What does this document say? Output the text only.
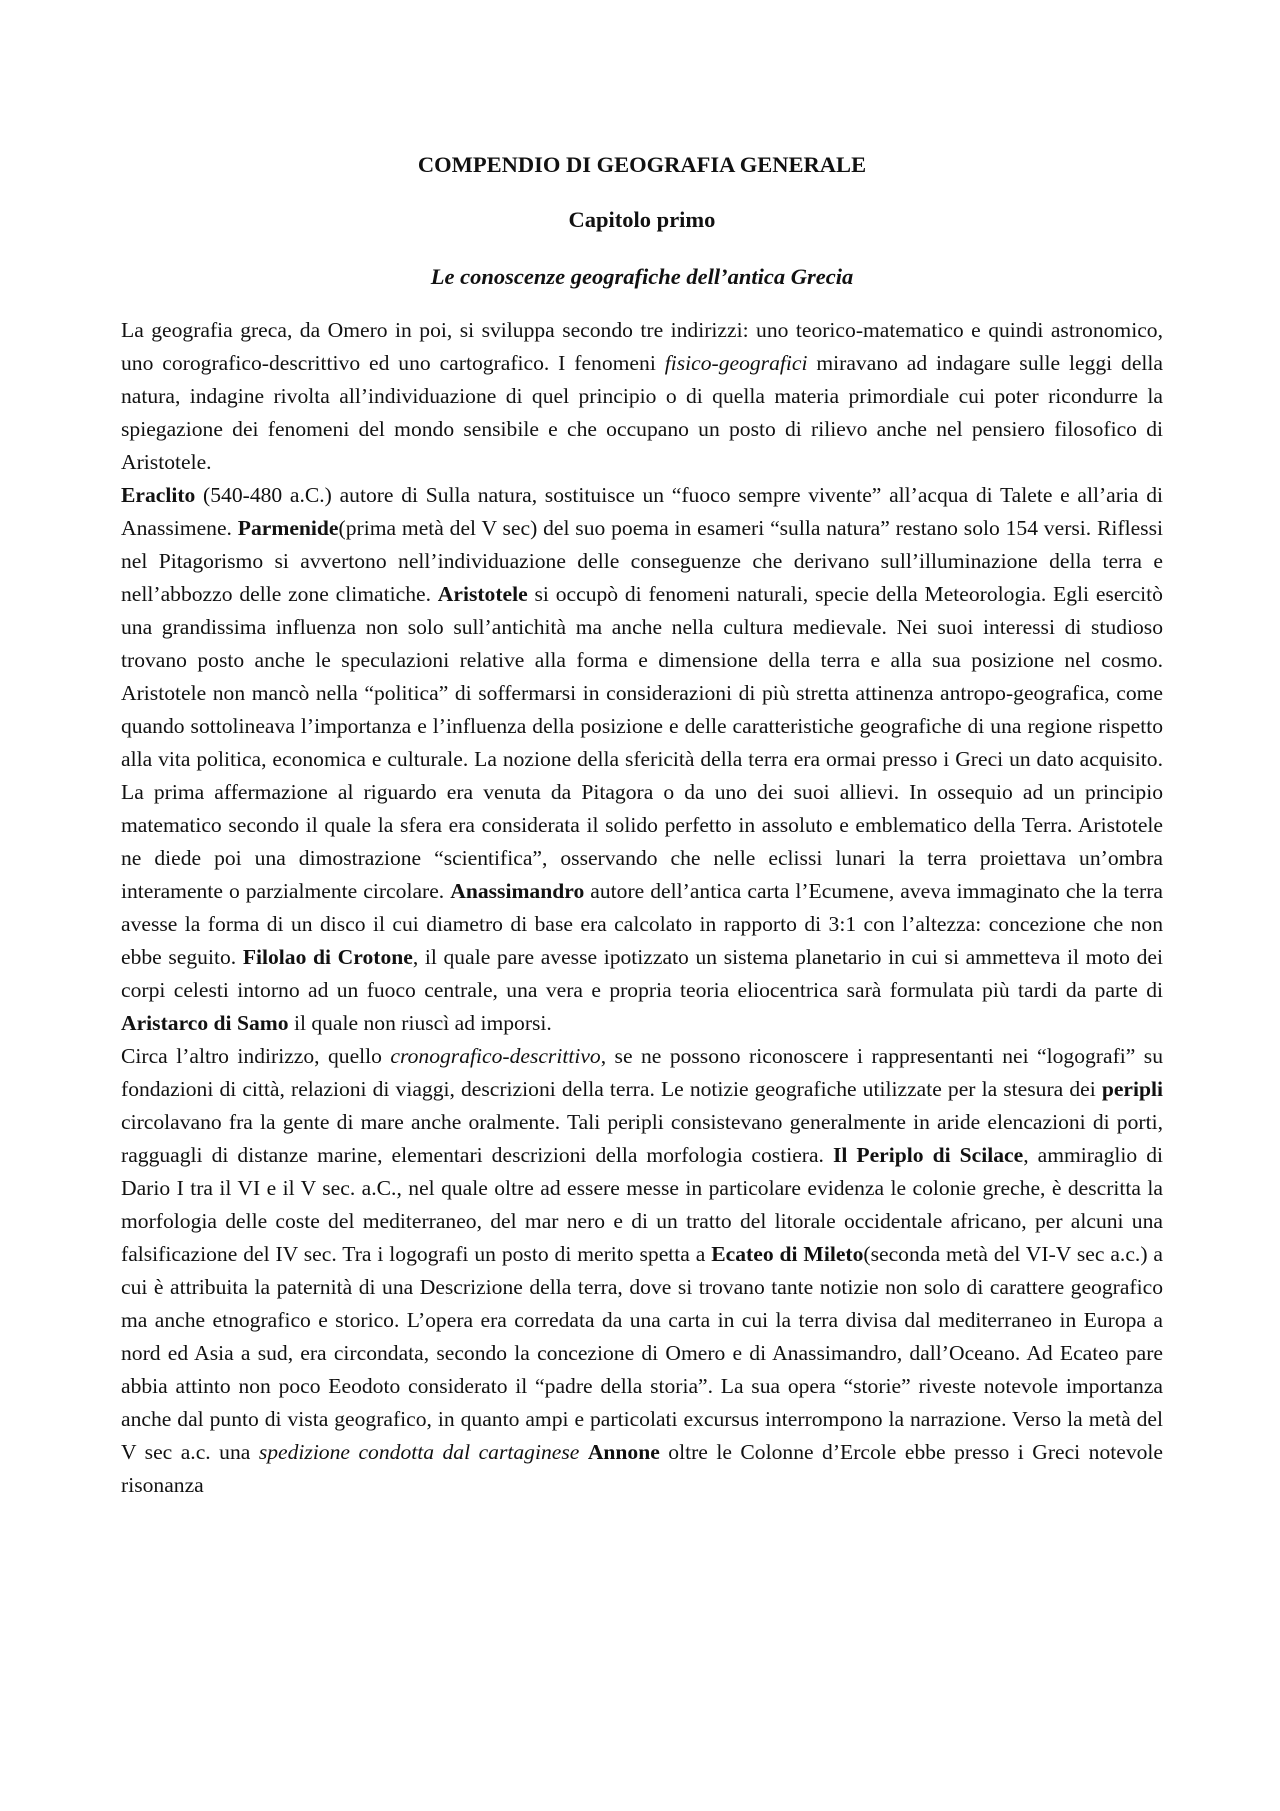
COMPENDIO DI GEOGRAFIA GENERALE
Capitolo primo
Le conoscenze geografiche dell’antica Grecia

La geografia greca, da Omero in poi, si sviluppa secondo tre indirizzi: uno teorico-matematico e quindi astronomico, uno corografico-descrittivo ed uno cartografico. I fenomeni fisico-geografici miravano ad indagare sulle leggi della natura, indagine rivolta all’individuazione di quel principio o di quella materia primordiale cui poter ricondurre la spiegazione dei fenomeni del mondo sensibile e che occupano un posto di rilievo anche nel pensiero filosofico di Aristotele.

Eraclito (540-480 a.C.) autore di Sulla natura, sostituisce un “fuoco sempre vivente” all’acqua di Talete e all’aria di Anassimene. Parmenide(prima metà del V sec) del suo poema in esameri “sulla natura” restano solo 154 versi. Riflessi nel Pitagorismo si avvertono nell’individuazione delle conseguenze che derivano sull’illuminazione della terra e nell’abbozzo delle zone climatiche. Aristotele si occupò di fenomeni naturali, specie della Meteorologia. Egli esercitò una grandissima influenza non solo sull’antichità ma anche nella cultura medievale. Nei suoi interessi di studioso trovano posto anche le speculazioni relative alla forma e dimensione della terra e alla sua posizione nel cosmo. Aristotele non mancò nella “politica” di soffermarsi in considerazioni di più stretta attinenza antropo-geografica, come quando sottolineava l’importanza e l’influenza della posizione e delle caratteristiche geografiche di una regione rispetto alla vita politica, economica e culturale. La nozione della sfericità della terra era ormai presso i Greci un dato acquisito. La prima affermazione al riguardo era venuta da Pitagora o da uno dei suoi allievi. In ossequio ad un principio matematico secondo il quale la sfera era considerata il solido perfetto in assoluto e emblematico della Terra. Aristotele ne diede poi una dimostrazione “scientifica”, osservando che nelle eclissi lunari la terra proiettava un’ombra interamente o parzialmente circolare. Anassimandro autore dell’antica carta l’Ecumene, aveva immaginato che la terra avesse la forma di un disco il cui diametro di base era calcolato in rapporto di 3:1 con l’altezza: concezione che non ebbe seguito. Filolao di Crotone, il quale pare avesse ipotizzato un sistema planetario in cui si ammetteva il moto dei corpi celesti intorno ad un fuoco centrale, una vera e propria teoria eliocentrica sarà formulata più tardi da parte di Aristarco di Samo il quale non riuscì ad imporsi.

Circa l’altro indirizzo, quello cronografico-descrittivo, se ne possono riconoscere i rappresentanti nei “logografi” su fondazioni di città, relazioni di viaggi, descrizioni della terra. Le notizie geografiche utilizzate per la stesura dei peripli circolavano fra la gente di mare anche oralmente. Tali peripli consistevano generalmente in aride elencazioni di porti, ragguagli di distanze marine, elementari descrizioni della morfologia costiera. Il Periplo di Scilace, ammiraglio di Dario I tra il VI e il V sec. a.C., nel quale oltre ad essere messe in particolare evidenza le colonie greche, è descritta la morfologia delle coste del mediterraneo, del mar nero e di un tratto del litorale occidentale africano, per alcuni una falsificazione del IV sec. Tra i logografi un posto di merito spetta a Ecateo di Mileto(seconda metà del VI-V sec a.c.) a cui è attribuita la paternità di una Descrizione della terra, dove si trovano tante notizie non solo di carattere geografico ma anche etnografico e storico. L’opera era corredata da una carta in cui la terra divisa dal mediterraneo in Europa a nord ed Asia a sud, era circondata, secondo la concezione di Omero e di Anassimandro, dall’Oceano. Ad Ecateo pare abbia attinto non poco Eeodoto considerato il “padre della storia”. La sua opera “storie” riveste notevole importanza anche dal punto di vista geografico, in quanto ampi e particolati excursus interrompono la narrazione. Verso la metà del V sec a.c. una spedizione condotta dal cartaginese Annone oltre le Colonne d’Ercole ebbe presso i Greci notevole risonanza
